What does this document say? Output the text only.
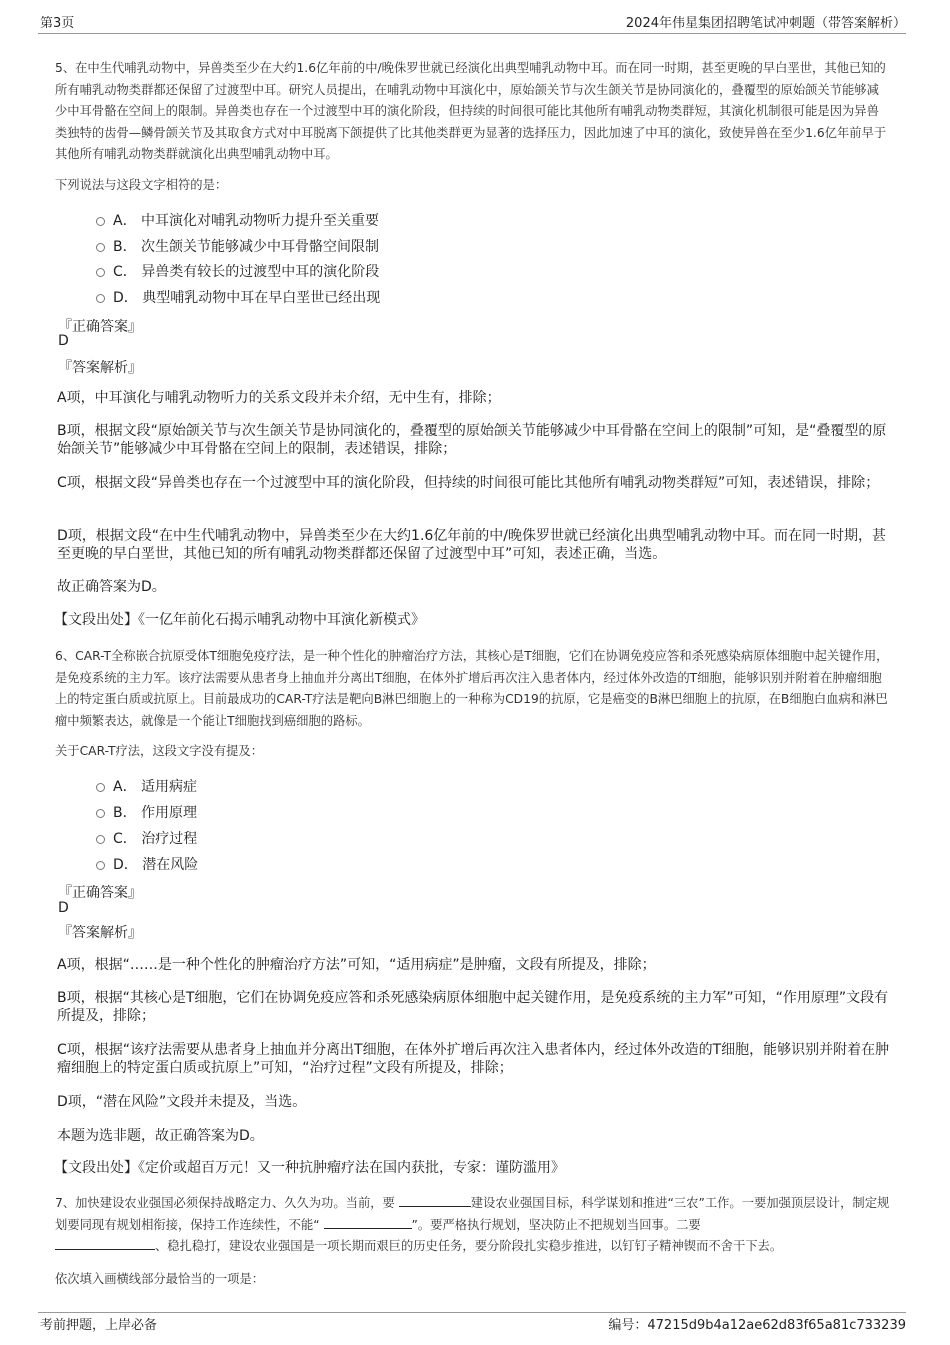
第3页	2024年伟星集团招聘笔试冲刺题（带答案解析）
5、在中生代哺乳动物中，异兽类至少在大约1.6亿年前的中/晚侏罗世就已经演化出典型哺乳动物中耳。而在同一时期，甚至更晚的早白垩世，其他已知的所有哺乳动物类群都还保留了过渡型中耳。研究人员提出，在哺乳动物中耳演化中，原始颌关节与次生颌关节是协同演化的，叠覆型的原始颌关节能够减少中耳骨骼在空间上的限制。异兽类也存在一个过渡型中耳的演化阶段，但持续的时间很可能比其他所有哺乳动物类群短，其演化机制很可能是因为异兽类独特的齿骨—鳞骨颌关节及其取食方式对中耳脱离下颌提供了比其他类群更为显著的选择压力，因此加速了中耳的演化，致使异兽在至少1.6亿年前早于其他所有哺乳动物类群就演化出典型哺乳动物中耳。
下列说法与这段文字相符的是：
A． 中耳演化对哺乳动物听力提升至关重要
B． 次生颌关节能够减少中耳骨骼空间限制
C． 异兽类有较长的过渡型中耳的演化阶段
D． 典型哺乳动物中耳在早白垩世已经出现
『正确答案』
D
『答案解析』
A项，中耳演化与哺乳动物听力的关系文段并未介绍，无中生有，排除；
B项，根据文段“原始颌关节与次生颌关节是协同演化的，叠覆型的原始颌关节能够减少中耳骨骼在空间上的限制”可知，是“叠覆型的原始颌关节”能够减少中耳骨骼在空间上的限制，表述错误，排除；
C项，根据文段“异兽类也存在一个过渡型中耳的演化阶段，但持续的时间很可能比其他所有哺乳动物类群短”可知，表述错误，排除；
D项，根据文段“在中生代哺乳动物中，异兽类至少在大约1.6亿年前的中/晚侏罗世就已经演化出典型哺乳动物中耳。而在同一时期，甚至更晚的早白垩世，其他已知的所有哺乳动物类群都还保留了过渡型中耳”可知，表述正确，当选。
故正确答案为D。
【文段出处】《一亿年前化石揭示哺乳动物中耳演化新模式》
6、CAR-T全称嵌合抗原受体T细胞免疫疗法，是一种个性化的肿瘤治疗方法，其核心是T细胞，它们在协调免疫应答和杀死感染病原体细胞中起关键作用，是免疫系统的主力军。该疗法需要从患者身上抽血并分离出T细胞，在体外扩增后再次注入患者体内，经过体外改造的T细胞，能够识别并附着在肿瘤细胞上的特定蛋白质或抗原上。目前最成功的CAR-T疗法是靶向B淋巴细胞上的一种称为CD19的抗原，它是癌变的B淋巴细胞上的抗原，在B细胞白血病和淋巴瘤中频繁表达，就像是一个能让T细胞找到癌细胞的路标。
关于CAR-T疗法，这段文字没有提及：
A． 适用病症
B． 作用原理
C． 治疗过程
D． 潜在风险
『正确答案』
D
『答案解析』
A项，根据“……是一种个性化的肿瘤治疗方法”可知，“适用病症”是肿瘤，文段有所提及，排除；
B项，根据“其核心是T细胞，它们在协调免疫应答和杀死感染病原体细胞中起关键作用，是免疫系统的主力军”可知，“作用原理”文段有所提及，排除；
C项，根据“该疗法需要从患者身上抽血并分离出T细胞，在体外扩增后再次注入患者体内，经过体外改造的T细胞，能够识别并附着在肿瘤细胞上的特定蛋白质或抗原上”可知，“治疗过程”文段有所提及，排除；
D项，“潜在风险”文段并未提及，当选。
本题为选非题，故正确答案为D。
【文段出处】《定价或超百万元！又一种抗肿瘤疗法在国内获批，专家：谨防滥用》
7、加快建设农业强国必须保持战略定力、久久为功。当前，要	建设农业强国目标，科学谋划和推进“三农”工作。一要加强顶层设计，制定规划要同现有规划相衔接，保持工作连续性，不能“	”。要严格执行规划，坚决防止不把规划当回事。二要
、稳扎稳打，建设农业强国是一项长期而艰巨的历史任务，要分阶段扎实稳步推进，以钉钉子精神锲而不舍干下去。
依次填入画横线部分最恰当的一项是：
考前押题，上岸必备	编号：47215d9b4a12ae62d83f65a81c733239
